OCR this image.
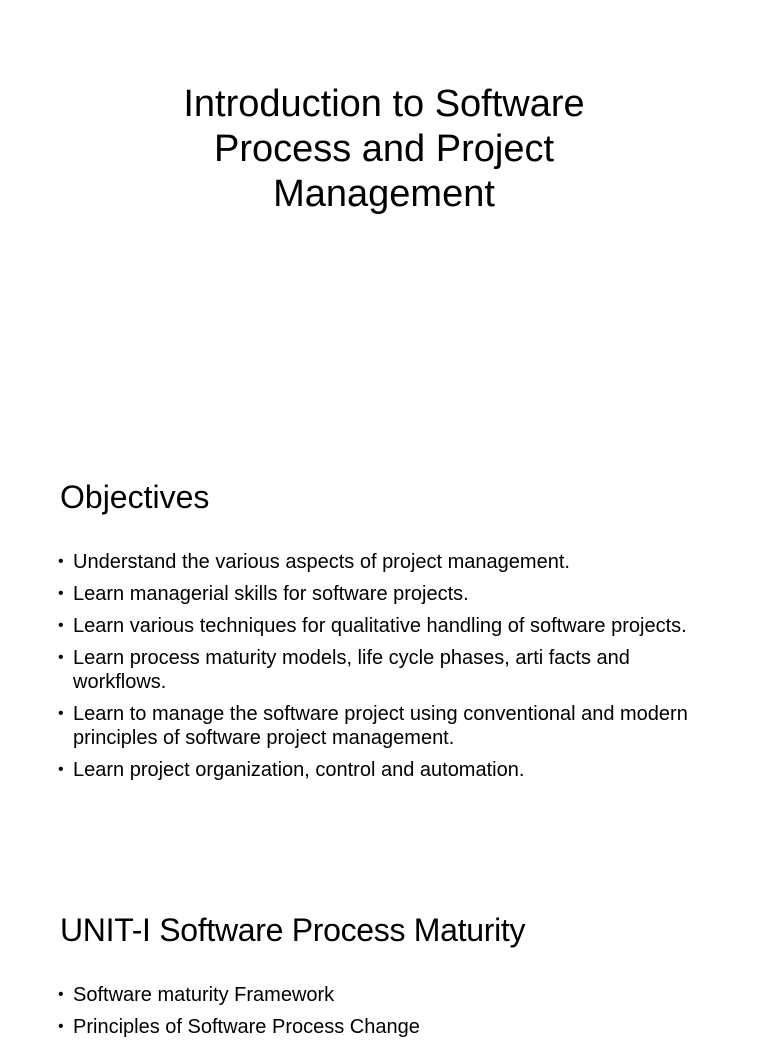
Introduction to Software
Process and Project
Management
Objectives
• Understand the various aspects of project management.
• Learn managerial skills for software projects.
• Learn various techniques for qualitative handling of software projects.
• Learn process maturity models, life cycle phases, arti facts and workflows.
• Learn to manage the software project using conventional and modern principles of software project management.
• Learn project organization, control and automation.
UNIT-I Software Process Maturity
• Software maturity Framework
• Principles of Software Process Change
